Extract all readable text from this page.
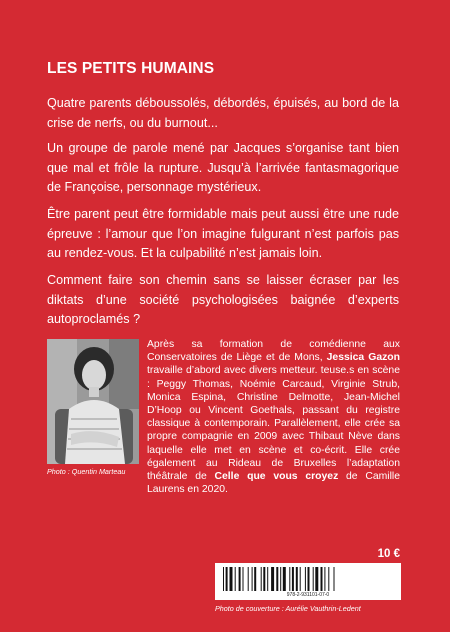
LES PETITS HUMAINS

Quatre parents déboussolés, débordés, épuisés, au bord de la crise de nerfs, ou du burnout...

Un groupe de parole mené par Jacques s’organise tant bien que mal et frôle la rupture. Jusqu’à l’arrivée fantasmagorique de Françoise, personnage mystérieux.

Être parent peut être formidable mais peut aussi être une rude épreuve : l’amour que l’on imagine fulgurant n’est parfois pas au rendez-vous. Et la culpabilité n’est jamais loin.

Comment faire son chemin sans se laisser écraser par les diktats d’une société psychologisées baignée d’experts autoproclamés ?

Photo : Quentin Marteau

Après sa formation de comédienne aux Conservatoires de Liège et de Mons, Jessica Gazon travaille d’abord avec divers metteur. teuse.s en scène : Peggy Thomas, Noémie Carcaud, Virginie Strub, Monica Espina, Christine Delmotte, Jean-Michel D’Hoop ou Vincent Goethals, passant du registre classique à contemporain. Parallèlement, elle crée sa propre compagnie en 2009 avec Thibaut Nève dans laquelle elle met en scène et co-écrit. Elle crée également au Rideau de Bruxelles l’adaptation théâtrale de Celle que vous croyez de Camille Laurens en 2020.

10 €
978-2-931101-07-0
Photo de couverture : Aurélie Vauthrin-Ledent
